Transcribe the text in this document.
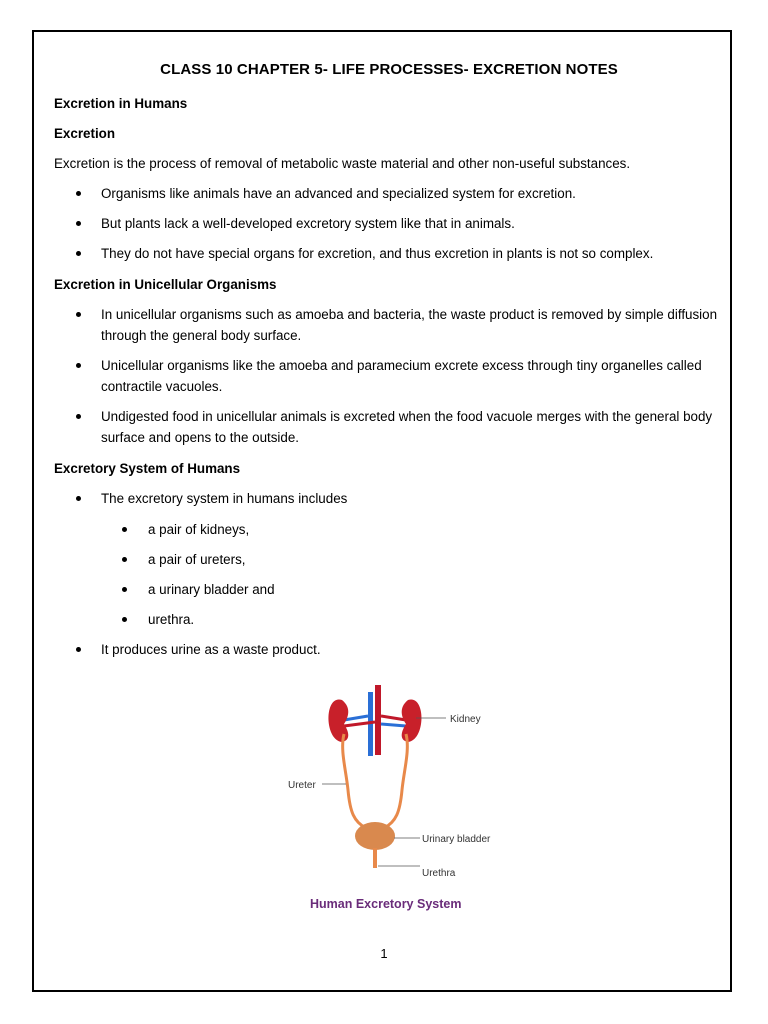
CLASS 10 CHAPTER 5- LIFE PROCESSES- EXCRETION NOTES

Excretion in Humans

Excretion

Excretion is the process of removal of metabolic waste material and other non-useful substances.

Organisms like animals have an advanced and specialized system for excretion.
But plants lack a well-developed excretory system like that in animals.
They do not have special organs for excretion, and thus excretion in plants is not so complex.

Excretion in Unicellular Organisms

In unicellular organisms such as amoeba and bacteria, the waste product is removed by simple diffusion through the general body surface.
Unicellular organisms like the amoeba and paramecium excrete excess through tiny organelles called contractile vacuoles.
Undigested food in unicellular animals is excreted when the food vacuole merges with the general body surface and opens to the outside.

Excretory System of Humans

The excretory system in humans includes
a pair of kidneys,
a pair of ureters,
a urinary bladder and
urethra.
It produces urine as a waste product.
Kidney
Ureter
Urinary bladder
Urethra

Human Excretory System

1
